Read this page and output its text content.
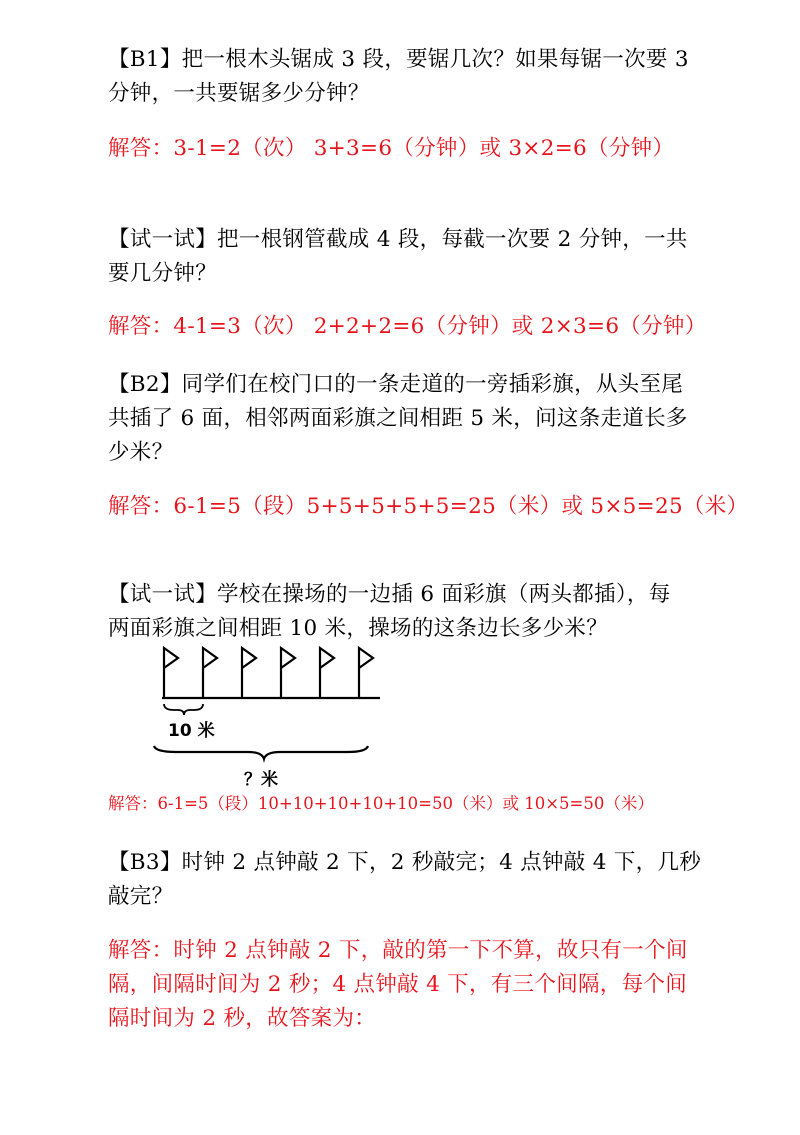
【B1】把一根木头锯成 3 段，要锯几次？如果每锯一次要 3
分钟，一共要锯多少分钟？
解答：3-1=2（次） 3+3=6（分钟）或 3×2=6（分钟）
【试一试】把一根钢管截成 4 段，每截一次要 2 分钟，一共
要几分钟？
解答：4-1=3（次） 2+2+2=6（分钟）或 2×3=6（分钟）
【B2】同学们在校门口的一条走道的一旁插彩旗，从头至尾
共插了 6 面，相邻两面彩旗之间相距 5 米，问这条走道长多
少米？
解答：6-1=5（段）5+5+5+5+5=25（米）或 5×5=25（米）
【试一试】学校在操场的一边插 6 面彩旗（两头都插），每
两面彩旗之间相距 10 米，操场的这条边长多少米？
10 米
？米
解答：6-1=5（段）10+10+10+10+10=50（米）或 10×5=50（米）
【B3】时钟 2 点钟敲 2 下，2 秒敲完；4 点钟敲 4 下，几秒
敲完？
解答：时钟 2 点钟敲 2 下，敲的第一下不算，故只有一个间
隔，间隔时间为 2 秒；4 点钟敲 4 下，有三个间隔，每个间
隔时间为 2 秒，故答案为：
